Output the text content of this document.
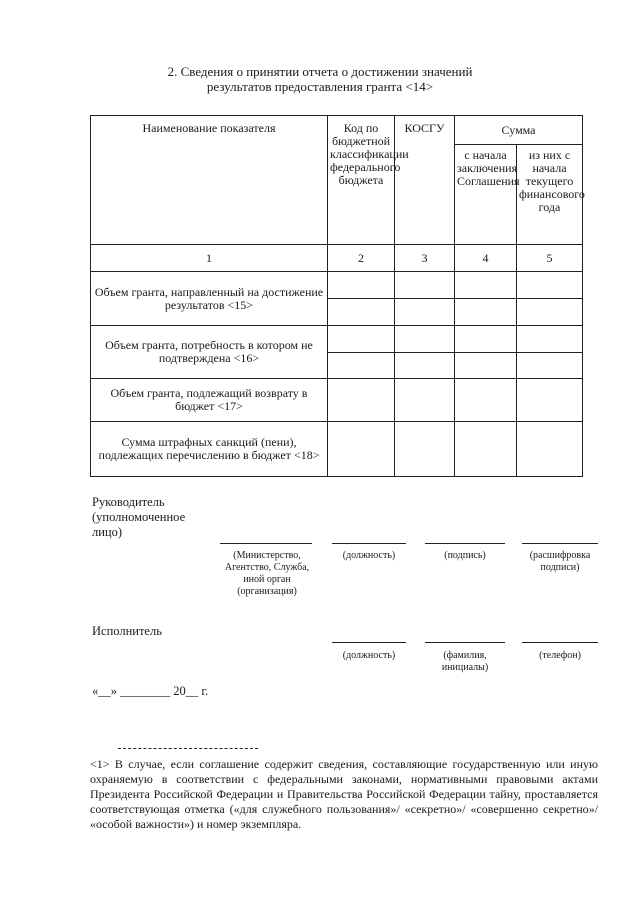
2. Сведения о принятии отчета о достижении значений
результатов предоставления гранта <14>
Наименование показателя	Код по бюджетной классификации федерального бюджета	КОСГУ	Сумма	
			с начала заключения Соглашения	из них с начала текущего финансового года
1	2	3	4	5
Объем гранта, направленный на достижение результатов <15>				

Объем гранта, потребность в котором не подтверждена <16>				

Объем гранта, подлежащий возврату в бюджет <17>				
Сумма штрафных санкций (пени), подлежащих перечислению в бюджет <18>				
Руководитель (уполномоченное лицо)
(Министерство, Агентство, Служба, иной орган (организация)
(должность)	(подпись)	(расшифровка подписи)
Исполнитель
(должность)	(фамилия, инициалы)
(телефон)
«__» ________ 20__ г.
<1> В случае, если соглашение содержит сведения, составляющие государственную или иную охраняемую в соответствии с федеральными законами, нормативными правовыми актами Президента Российской Федерации и Правительства Российской Федерации тайну, проставляется соответствующая отметка («для служебного пользования»/ «секретно»/ «совершенно секретно»/ «особой важности») и номер экземпляра.
